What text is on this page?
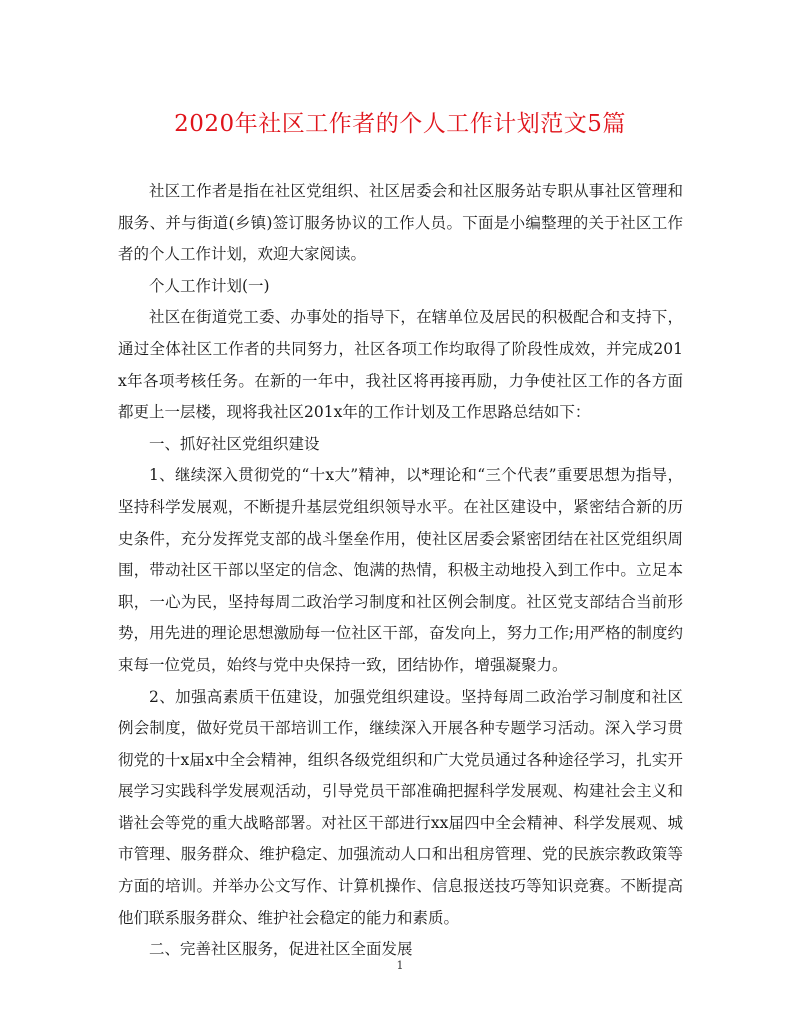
2020年社区工作者的个人工作计划范文5篇

社区工作者是指在社区党组织、社区居委会和社区服务站专职从事社区管理和服务、并与街道(乡镇)签订服务协议的工作人员。下面是小编整理的关于社区工作者的个人工作计划，欢迎大家阅读。

个人工作计划(一)

社区在街道党工委、办事处的指导下，在辖单位及居民的积极配合和支持下，通过全体社区工作者的共同努力，社区各项工作均取得了阶段性成效，并完成201x年各项考核任务。在新的一年中，我社区将再接再励，力争使社区工作的各方面都更上一层楼，现将我社区201x年的工作计划及工作思路总结如下：

一、抓好社区党组织建设

1、继续深入贯彻党的“十x大”精神，以*理论和“三个代表”重要思想为指导，坚持科学发展观，不断提升基层党组织领导水平。在社区建设中，紧密结合新的历史条件，充分发挥党支部的战斗堡垒作用，使社区居委会紧密团结在社区党组织周围，带动社区干部以坚定的信念、饱满的热情，积极主动地投入到工作中。立足本职，一心为民，坚持每周二政治学习制度和社区例会制度。社区党支部结合当前形势，用先进的理论思想激励每一位社区干部，奋发向上，努力工作;用严格的制度约束每一位党员，始终与党中央保持一致，团结协作，增强凝聚力。

2、加强高素质干伍建设，加强党组织建设。坚持每周二政治学习制度和社区例会制度，做好党员干部培训工作，继续深入开展各种专题学习活动。深入学习贯彻党的十x届x中全会精神，组织各级党组织和广大党员通过各种途径学习，扎实开展学习实践科学发展观活动，引导党员干部准确把握科学发展观、构建社会主义和谐社会等党的重大战略部署。对社区干部进行xx届四中全会精神、科学发展观、城市管理、服务群众、维护稳定、加强流动人口和出租房管理、党的民族宗教政策等方面的培训。并举办公文写作、计算机操作、信息报送技巧等知识竞赛。不断提高他们联系服务群众、维护社会稳定的能力和素质。

二、完善社区服务，促进社区全面发展

1
